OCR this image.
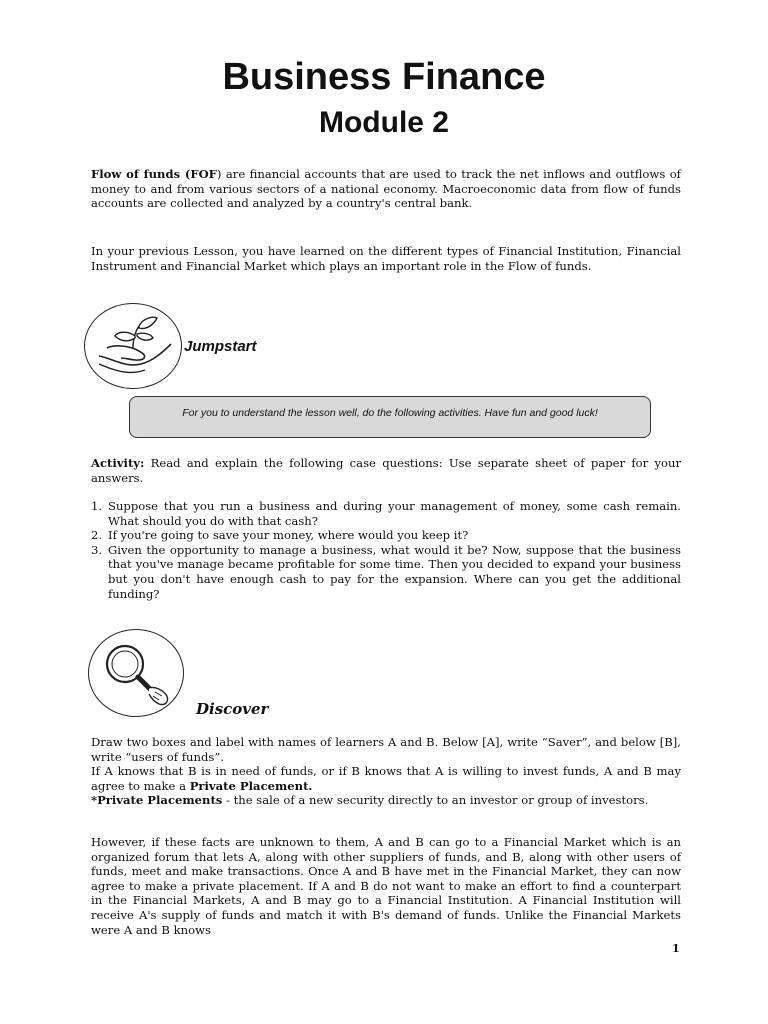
Business Finance
Module 2

Flow of funds (FOF) are financial accounts that are used to track the net inflows and outflows of money to and from various sectors of a national economy. Macroeconomic data from flow of funds accounts are collected and analyzed by a country's central bank.

In your previous Lesson, you have learned on the different types of Financial Institution, Financial Instrument and Financial Market which plays an important role in the Flow of funds.

Jumpstart
For you to understand the lesson well, do the following activities. Have fun and good luck!

Activity: Read and explain the following case questions: Use separate sheet of paper for your answers.

1. Suppose that you run a business and during your management of money, some cash remain. What should you do with that cash?
2. If you're going to save your money, where would you keep it?
3. Given the opportunity to manage a business, what would it be? Now, suppose that the business that you've manage became profitable for some time. Then you decided to expand your business but you don't have enough cash to pay for the expansion. Where can you get the additional funding?
Discover

Draw two boxes and label with names of learners A and B. Below [A], write “Saver”, and below [B], write “users of funds”.
If A knows that B is in need of funds, or if B knows that A is willing to invest funds, A and B may agree to make a Private Placement.
*Private Placements - the sale of a new security directly to an investor or group of investors.

However, if these facts are unknown to them, A and B can go to a Financial Market which is an organized forum that lets A, along with other suppliers of funds, and B, along with other users of funds, meet and make transactions. Once A and B have met in the Financial Market, they can now agree to make a private placement. If A and B do not want to make an effort to find a counterpart in the Financial Markets, A and B may go to a Financial Institution. A Financial Institution will receive A's supply of funds and match it with B's demand of funds. Unlike the Financial Markets were A and B knows

1
